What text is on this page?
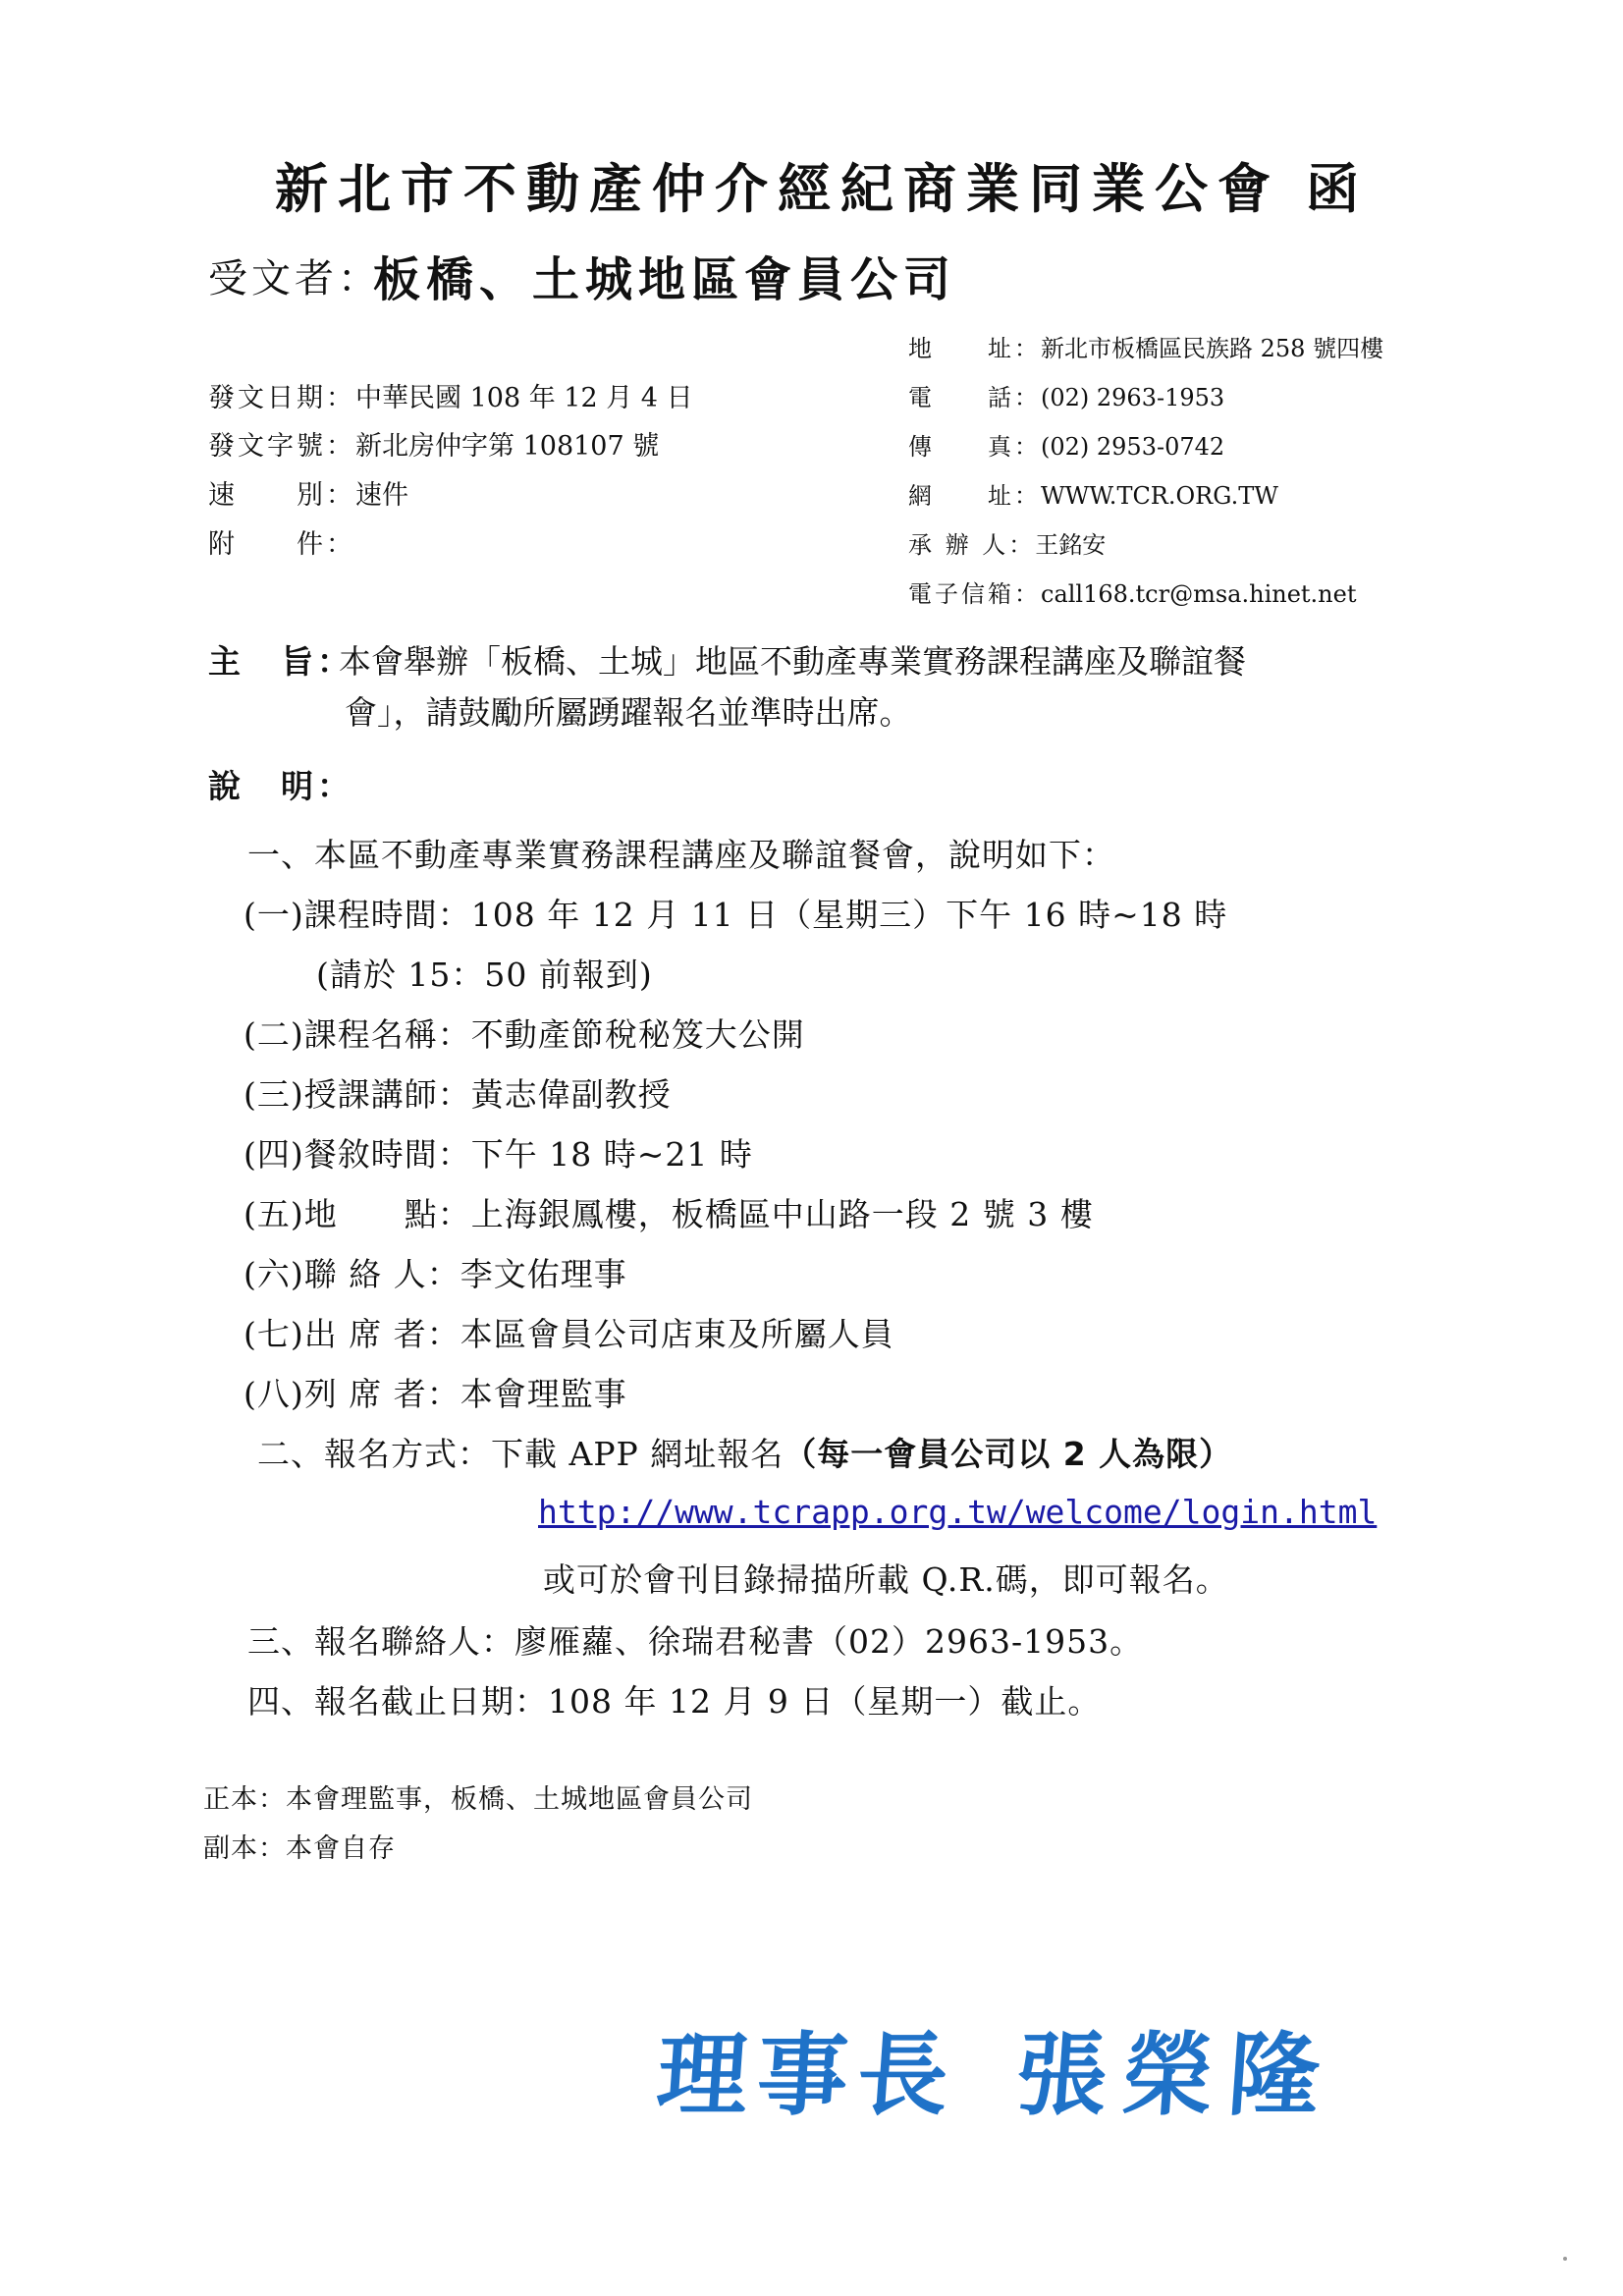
新北市不動產仲介經紀商業同業公會 函
受文者：
板橋、土城地區會員公司
發文日期：中華民國 108 年 12 月 4 日
發文字號：新北房仲字第 108107 號
速　　別：速件
附　　件：
地　　址：新北市板橋區民族路 258 號四樓
電　　話：(02) 2963-1953
傳　　真：(02) 2953-0742
網　　址：WWW.TCR.ORG.TW
承 辦 人：王銘安
電子信箱：call168.tcr@msa.hinet.net
主　旨：
本會舉辦「板橋、土城」地區不動產專業實務課程講座及聯誼餐
會」，請鼓勵所屬踴躍報名並準時出席。
說　明：
一、本區不動產專業實務課程講座及聯誼餐會，說明如下：
(一)課程時間：108 年 12 月 11 日（星期三）下午 16 時~18 時
(請於 15：50 前報到)
(二)課程名稱：不動產節稅秘笈大公開
(三)授課講師：黃志偉副教授
(四)餐敘時間：下午 18 時~21 時
(五)地　　點：上海銀鳳樓，板橋區中山路一段 2 號 3 樓
(六)聯 絡 人：李文佑理事
(七)出 席 者：本區會員公司店東及所屬人員
(八)列 席 者：本會理監事
二、報名方式：下載 APP 網址報名（每一會員公司以 2 人為限）
http://www.tcrapp.org.tw/welcome/login.html
或可於會刊目錄掃描所載 Q.R.碼，即可報名。
三、報名聯絡人：廖雁蘿、徐瑞君秘書（02）2963-1953。
四、報名截止日期：108 年 12 月 9 日（星期一）截止。
正本：本會理監事，板橋、土城地區會員公司
副本：本會自存
理事長 張榮隆
